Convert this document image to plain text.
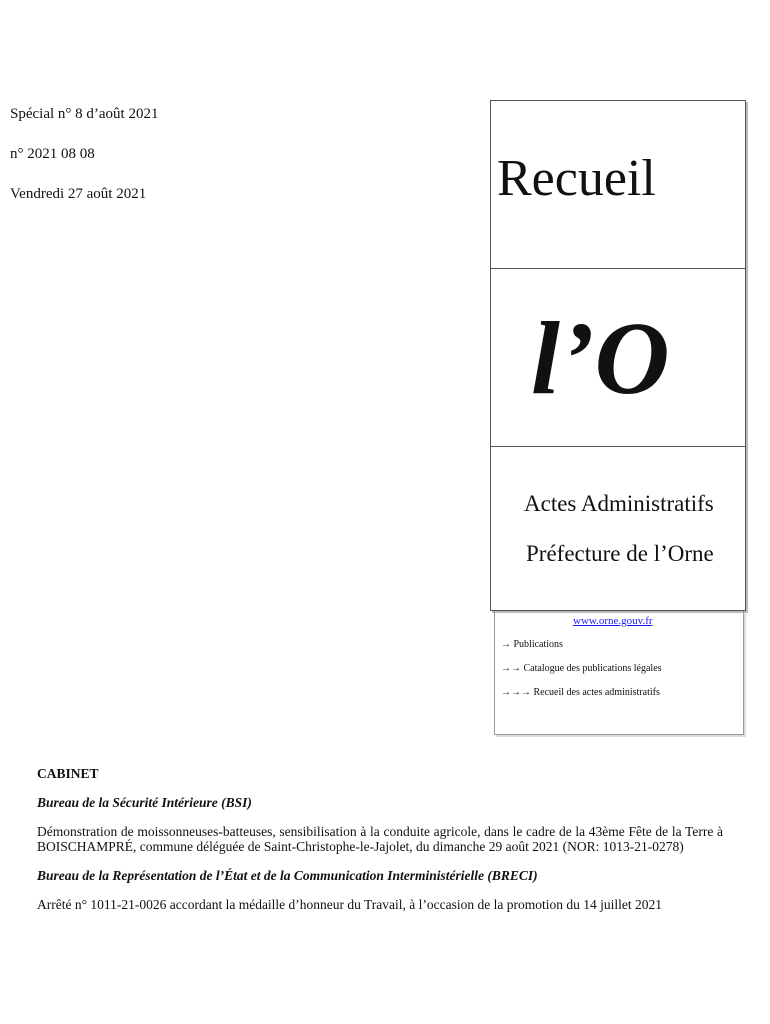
Spécial n° 8 d’août 2021
n° 2021 08 08
Vendredi 27 août 2021	Recueil
l’O
Actes Administratifs
Préfecture de l’Orne
www.orne.gouv.fr
→ Publications
→→ Catalogue des publications légales
→→→ Recueil des actes administratifs
CABINET
Bureau de la Sécurité Intérieure (BSI)
Démonstration de moissonneuses-batteuses, sensibilisation à la conduite agricole, dans le cadre de la 43ème Fête de la Terre à BOISCHAMPRÉ, commune déléguée de Saint-Christophe-le-Jajolet, du dimanche 29 août 2021 (NOR: 1013-21-0278)
Bureau de la Représentation de l’État et de la Communication Interministérielle (BRECI)
Arrêté n° 1011-21-0026 accordant la médaille d’honneur du Travail, à l’occasion de la promotion du 14 juillet 2021
